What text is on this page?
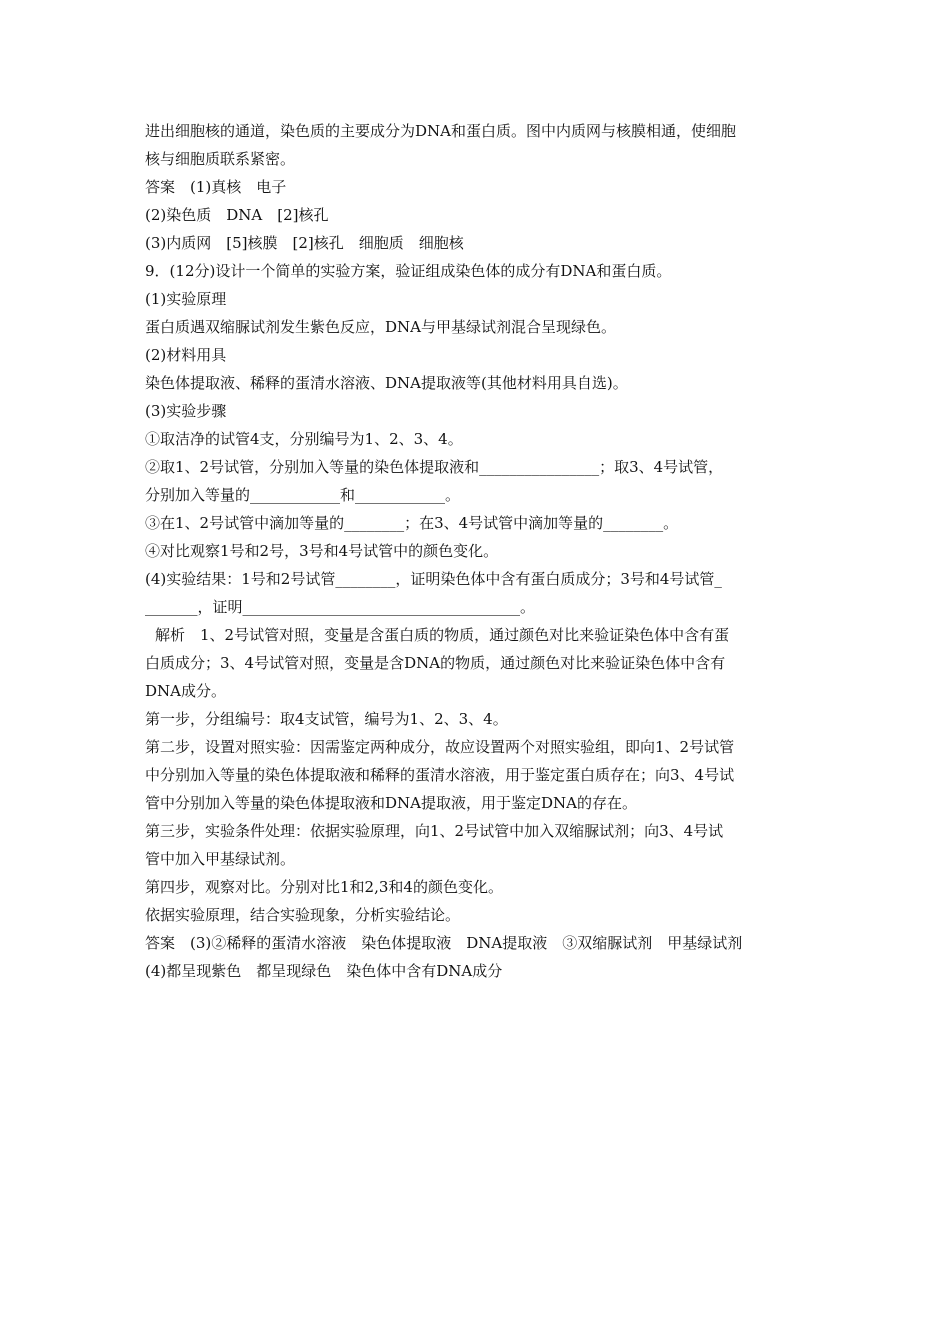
进出细胞核的通道，染色质的主要成分为DNA和蛋白质。图中内质网与核膜相通，使细胞
核与细胞质联系紧密。
答案　(1)真核　电子
(2)染色质　DNA　[2]核孔
(3)内质网　[5]核膜　[2]核孔　细胞质　细胞核
9．(12分)设计一个简单的实验方案，验证组成染色体的成分有DNA和蛋白质。
(1)实验原理
蛋白质遇双缩脲试剂发生紫色反应，DNA与甲基绿试剂混合呈现绿色。
(2)材料用具
染色体提取液、稀释的蛋清水溶液、DNA提取液等(其他材料用具自选)。
(3)实验步骤
①取洁净的试管4支，分别编号为1、2、3、4。
②取1、2号试管，分别加入等量的染色体提取液和________________；取3、4号试管，
分别加入等量的____________和____________。
③在1、2号试管中滴加等量的________；在3、4号试管中滴加等量的________。
④对比观察1号和2号，3号和4号试管中的颜色变化。
(4)实验结果：1号和2号试管________，证明染色体中含有蛋白质成分；3号和4号试管_
_______，证明_____________________________________。
解析　1、2号试管对照，变量是含蛋白质的物质，通过颜色对比来验证染色体中含有蛋
白质成分；3、4号试管对照，变量是含DNA的物质，通过颜色对比来验证染色体中含有
DNA成分。
第一步，分组编号：取4支试管，编号为1、2、3、4。
第二步，设置对照实验：因需鉴定两种成分，故应设置两个对照实验组，即向1、2号试管
中分别加入等量的染色体提取液和稀释的蛋清水溶液，用于鉴定蛋白质存在；向3、4号试
管中分别加入等量的染色体提取液和DNA提取液，用于鉴定DNA的存在。
第三步，实验条件处理：依据实验原理，向1、2号试管中加入双缩脲试剂；向3、4号试
管中加入甲基绿试剂。
第四步，观察对比。分别对比1和2,3和4的颜色变化。
依据实验原理，结合实验现象，分析实验结论。
答案　(3)②稀释的蛋清水溶液　染色体提取液　DNA提取液　③双缩脲试剂　甲基绿试剂
(4)都呈现紫色　都呈现绿色　染色体中含有DNA成分
